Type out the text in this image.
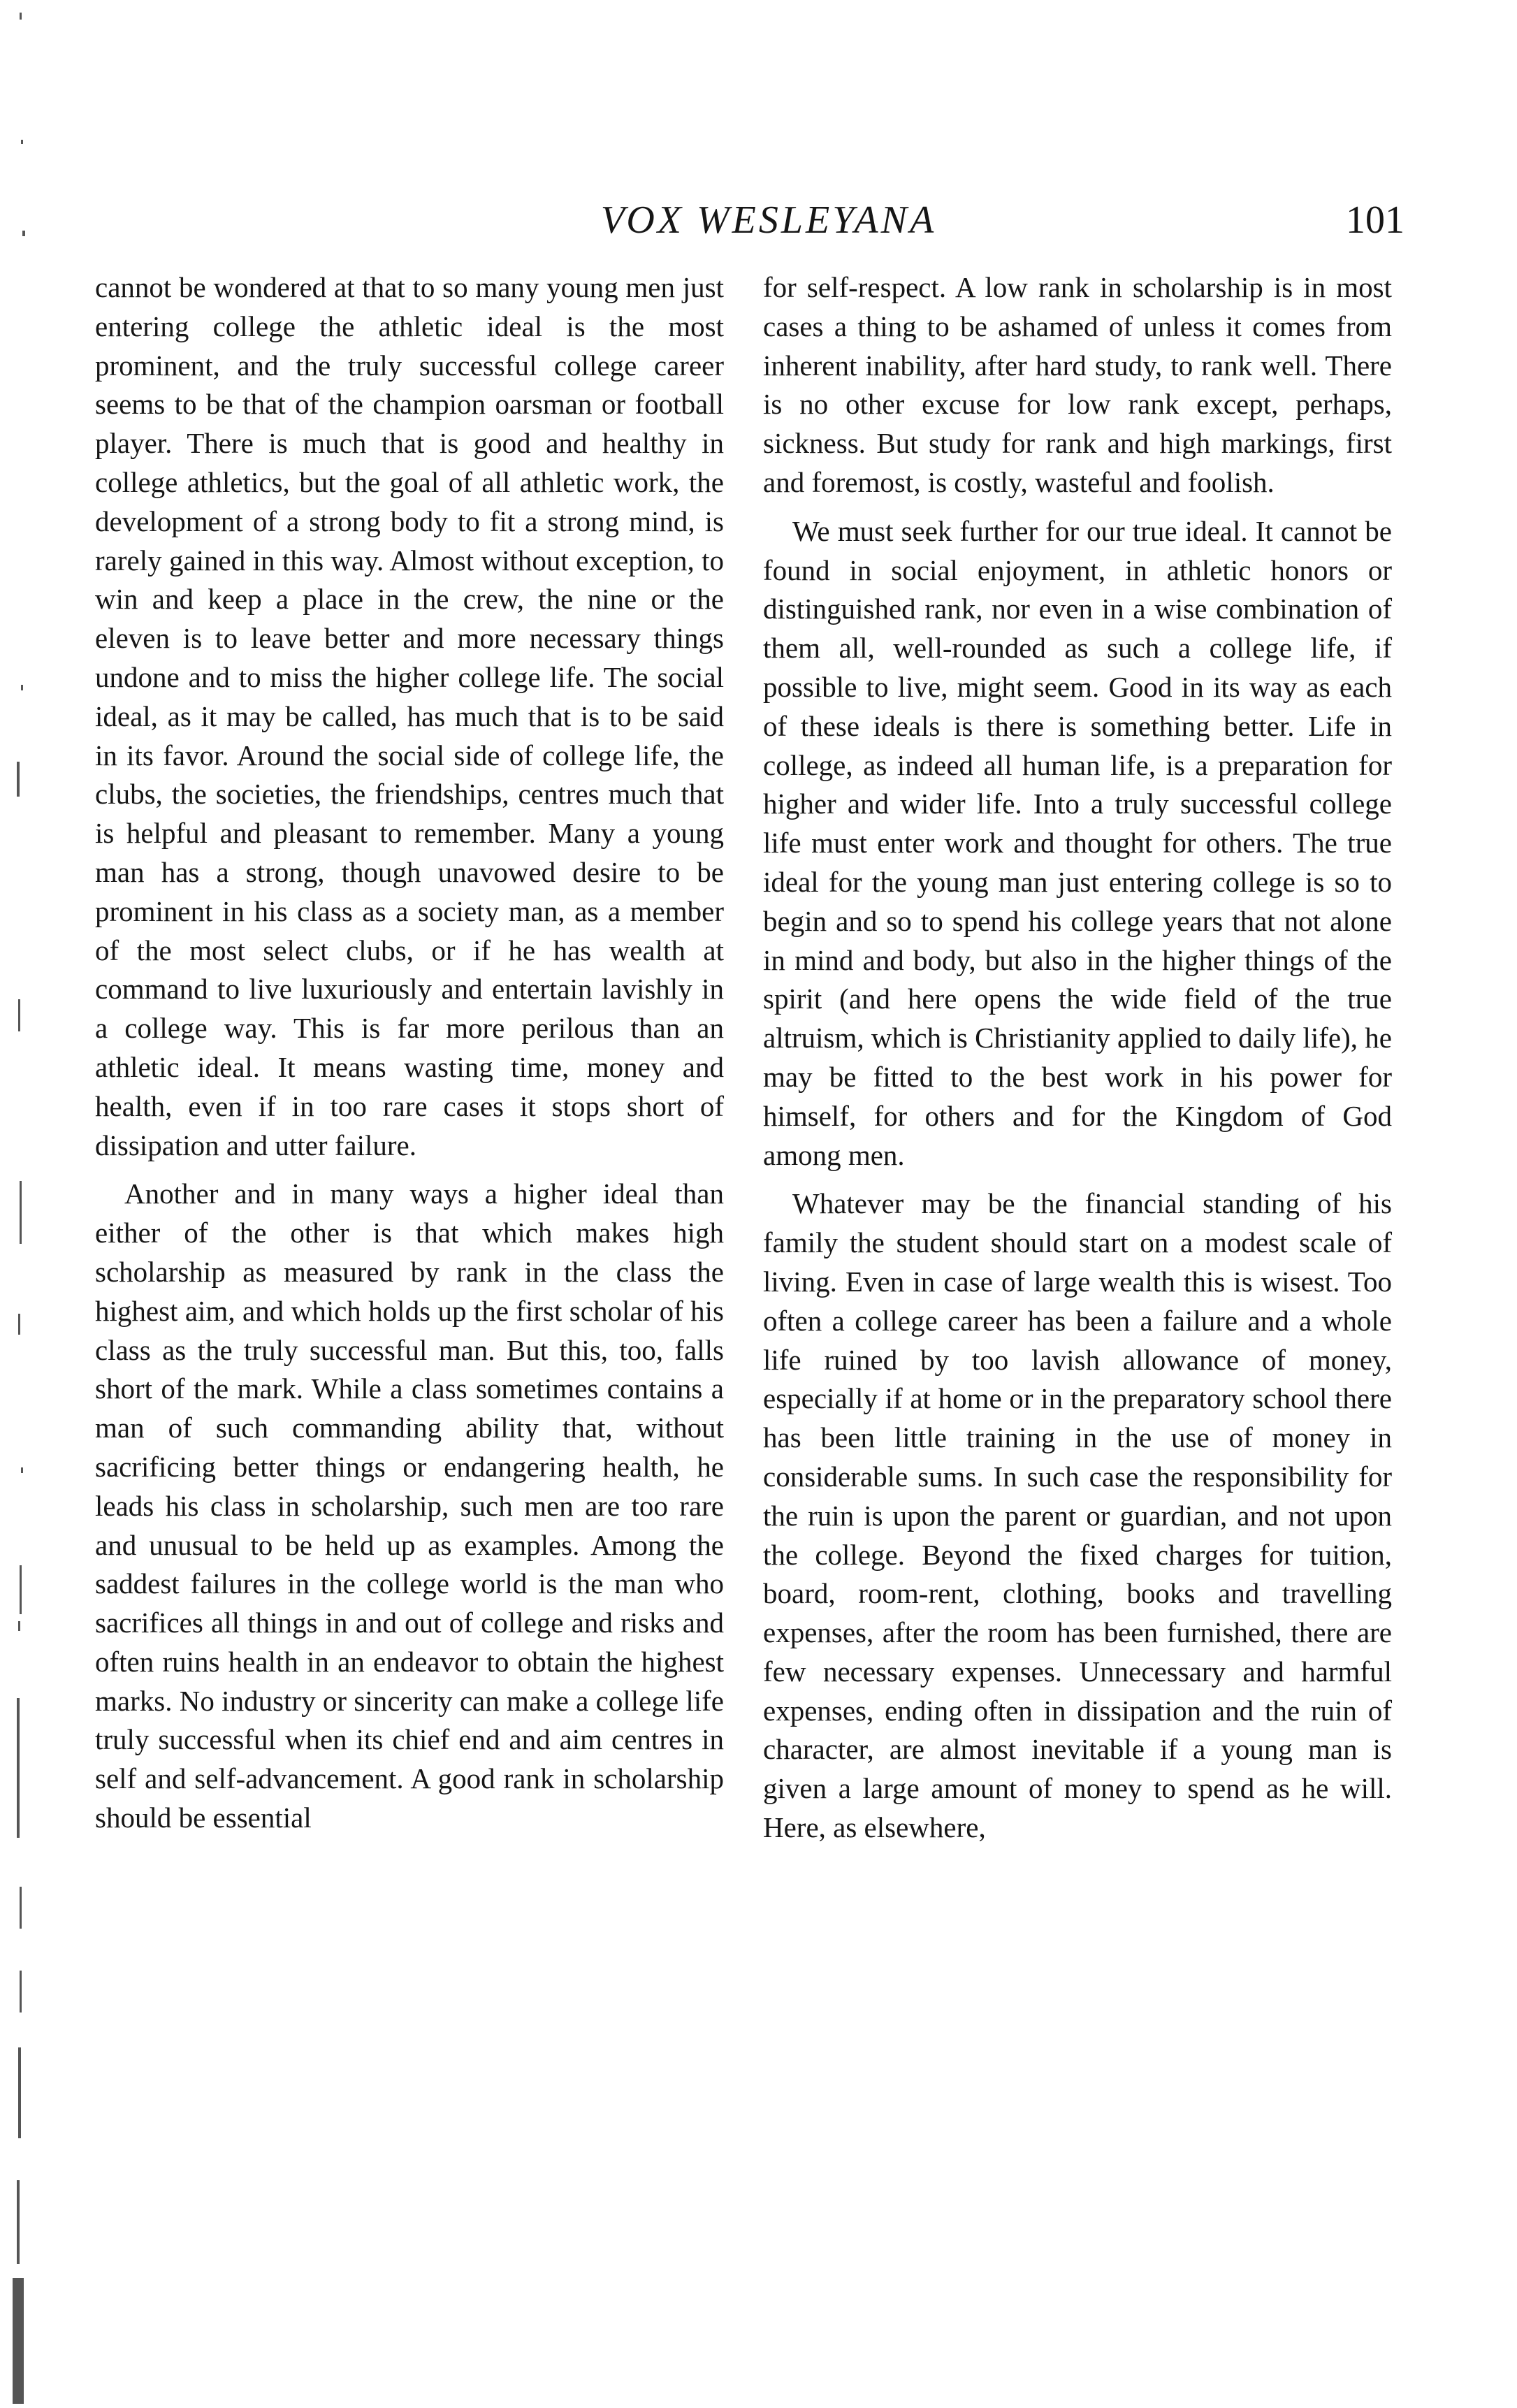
VOX WESLEYANA	101

cannot be wondered at that to so many young men just entering college the athletic ideal is the most prominent, and the truly successful college career seems to be that of the champion oarsman or football player. There is much that is good and healthy in college athletics, but the goal of all athletic work, the development of a strong body to fit a strong mind, is rarely gained in this way. Almost without exception, to win and keep a place in the crew, the nine or the eleven is to leave better and more necessary things undone and to miss the higher college life. The social ideal, as it may be called, has much that is to be said in its favor. Around the social side of college life, the clubs, the societies, the friendships, centres much that is helpful and pleasant to remember. Many a young man has a strong, though unavowed desire to be prominent in his class as a society man, as a member of the most select clubs, or if he has wealth at command to live luxuriously and entertain lavishly in a college way. This is far more perilous than an athletic ideal. It means wasting time, money and health, even if in too rare cases it stops short of dissipation and utter failure.

Another and in many ways a higher ideal than either of the other is that which makes high scholarship as measured by rank in the class the highest aim, and which holds up the first scholar of his class as the truly successful man. But this, too, falls short of the mark. While a class sometimes contains a man of such commanding ability that, without sacrificing better things or endangering health, he leads his class in scholarship, such men are too rare and unusual to be held up as examples. Among the saddest failures in the college world is the man who sacrifices all things in and out of college and risks and often ruins health in an endeavor to obtain the highest marks. No industry or sincerity can make a college life truly successful when its chief end and aim centres in self and self-advancement. A good rank in scholarship should be essential

for self-respect. A low rank in scholarship is in most cases a thing to be ashamed of unless it comes from inherent inability, after hard study, to rank well. There is no other excuse for low rank except, perhaps, sickness. But study for rank and high markings, first and foremost, is costly, wasteful and foolish.

We must seek further for our true ideal. It cannot be found in social enjoyment, in athletic honors or distinguished rank, nor even in a wise combination of them all, well-rounded as such a college life, if possible to live, might seem. Good in its way as each of these ideals is there is something better. Life in college, as indeed all human life, is a preparation for higher and wider life. Into a truly successful college life must enter work and thought for others. The true ideal for the young man just entering college is so to begin and so to spend his college years that not alone in mind and body, but also in the higher things of the spirit (and here opens the wide field of the true altruism, which is Christianity applied to daily life), he may be fitted to the best work in his power for himself, for others and for the Kingdom of God among men.

Whatever may be the financial standing of his family the student should start on a modest scale of living. Even in case of large wealth this is wisest. Too often a college career has been a failure and a whole life ruined by too lavish allowance of money, especially if at home or in the preparatory school there has been little training in the use of money in considerable sums. In such case the responsibility for the ruin is upon the parent or guardian, and not upon the college. Beyond the fixed charges for tuition, board, room-rent, clothing, books and travelling expenses, after the room has been furnished, there are few necessary expenses. Unnecessary and harmful expenses, ending often in dissipation and the ruin of character, are almost inevitable if a young man is given a large amount of money to spend as he will. Here, as elsewhere,
